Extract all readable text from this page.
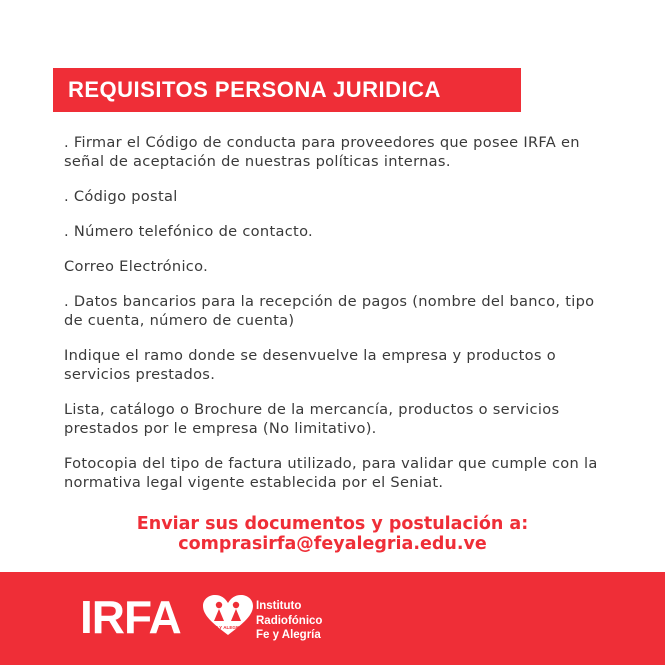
REQUISITOS PERSONA JURIDICA

. Firmar el Código de conducta para proveedores que posee IRFA en señal de aceptación de nuestras políticas internas.

. Código postal

. Número telefónico de contacto.

Correo Electrónico.

. Datos bancarios para la recepción de pagos (nombre del banco, tipo de cuenta, número de cuenta)

Indique el ramo donde se desenvuelve la empresa y productos o servicios prestados.

Lista, catálogo o Brochure de la mercancía, productos o servicios prestados por le empresa (No limitativo).

Fotocopia del tipo de factura utilizado, para validar que cumple con la normativa legal vigente establecida por el Seniat.

Enviar sus documentos y postulación a:
comprasirfa@feyalegria.edu.ve
IRFA	FE Y ALEGRIA
Instituto
Radiofónico
Fe y Alegría
